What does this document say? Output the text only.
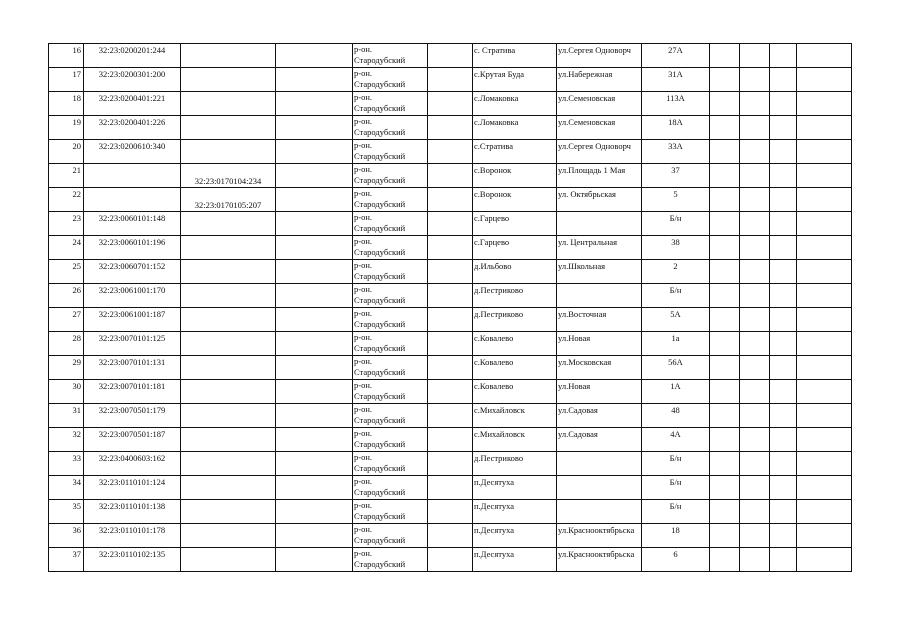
16	32:23:0200201:244			р-он.
Стародубский		с. Стратива	ул.Сергея Одноворч	27А				
17	32:23:0200301:200			р-он.
Стародубский		с.Крутая Буда	ул.Набережная	31А				
18	32:23:0200401:221			р-он.
Стародубский		с.Ломаковка	ул.Семеновская	113А				
19	32:23:0200401:226			р-он.
Стародубский		с.Ломаковка	ул.Семеновская	18А				
20	32:23:0200610:340			р-он.
Стародубский		с.Стратива	ул.Сергея Одноворч	33А				
21		32:23:0170104:234		р-он.
Стародубский		с.Воронок	ул.Площадь 1 Мая	37				
22		32:23:0170105:207		р-он.
Стародубский		с.Воронок	ул. Октябрьская	5				
23	32:23:0060101:148			р-он.
Стародубский		с.Гарцево		Б/н				
24	32:23:0060101:196			р-он.
Стародубский		с.Гарцево	ул. Центральная	38				
25	32:23:0060701:152			р-он.
Стародубский		д.Ильбово	ул.Школьная	2				
26	32:23:0061001:170			р-он.
Стародубский		д.Пестриково		Б/н				
27	32:23:0061001:187			р-он.
Стародубский		д.Пестриково	ул.Восточная	5А				
28	32:23:0070101:125			р-он.
Стародубский		с.Ковалево	ул.Новая	1а				
29	32:23:0070101:131			р-он.
Стародубский		с.Ковалево	ул.Московская	56А				
30	32:23:0070101:181			р-он.
Стародубский		с.Ковалево	ул.Новая	1А				
31	32:23:0070501:179			р-он.
Стародубский		с.Михайловск	ул.Садовая	48				
32	32:23:0070501:187			р-он.
Стародубский		с.Михайловск	ул.Садовая	4А				
33	32:23:0400603:162			р-он.
Стародубский		д.Пестриково		Б/н				
34	32:23:0110101:124			р-он.
Стародубский		п.Десятуха		Б/н				
35	32:23:0110101:138			р-он.
Стародубский		п.Десятуха		Б/н				
36	32:23:0110101:178			р-он.
Стародубский		п.Десятуха	ул.Краснооктябрьска	18				
37	32:23:0110102:135			р-он.
Стародубский		п.Десятуха	ул.Краснооктябрьска	6				
